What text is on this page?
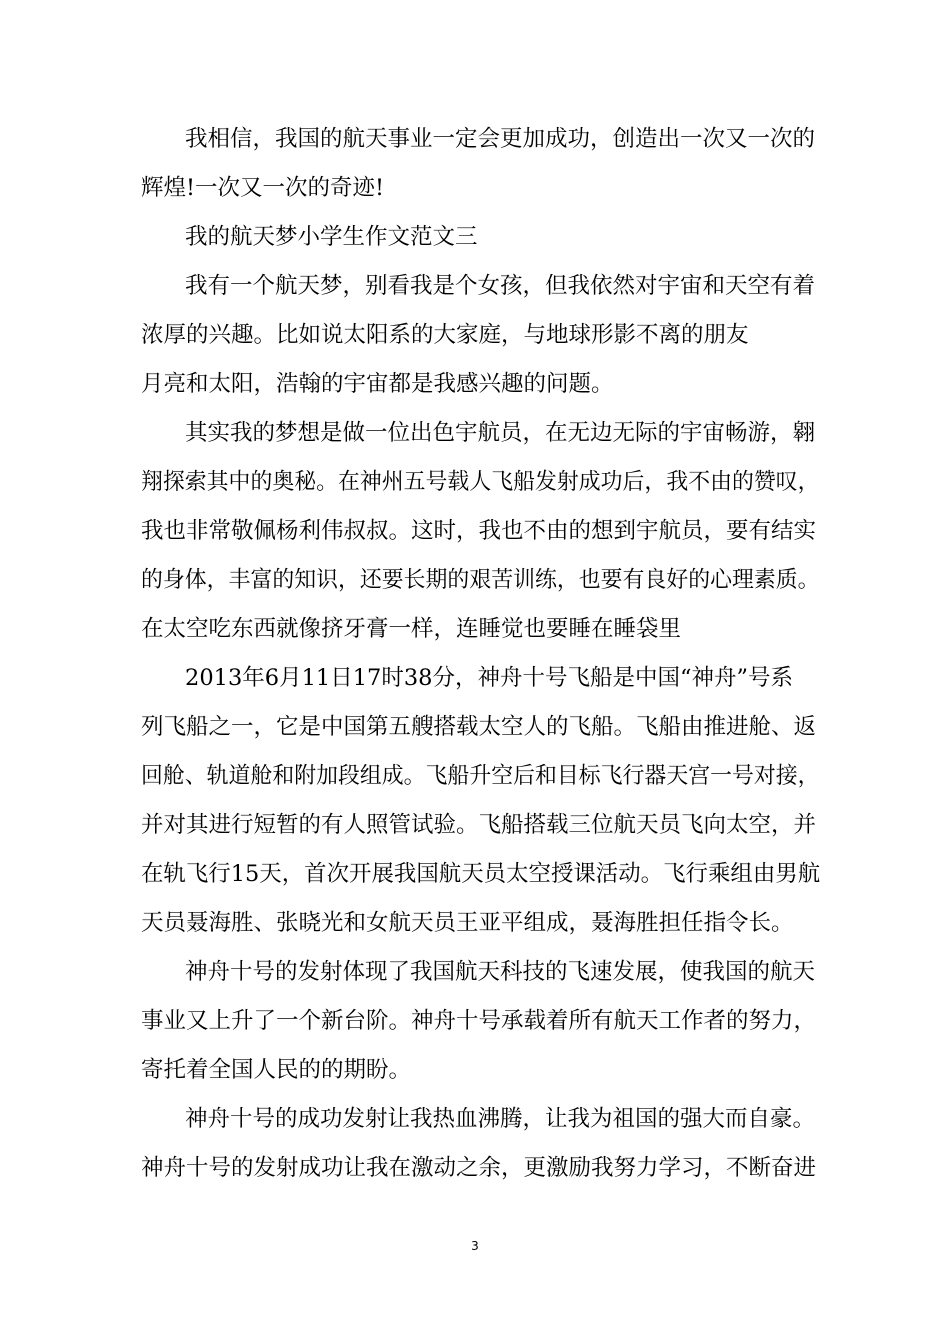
我相信，我国的航天事业一定会更加成功，创造出一次又一次的

辉煌!一次又一次的奇迹!

我的航天梦小学生作文范文三

我有一个航天梦，别看我是个女孩，但我依然对宇宙和天空有着

浓厚的兴趣。比如说太阳系的大家庭，与地球形影不离的朋友

月亮和太阳，浩翰的宇宙都是我感兴趣的问题。

其实我的梦想是做一位出色宇航员，在无边无际的宇宙畅游，翱

翔探索其中的奥秘。在神州五号载人飞船发射成功后，我不由的赞叹，

我也非常敬佩杨利伟叔叔。这时，我也不由的想到宇航员，要有结实

的身体，丰富的知识，还要长期的艰苦训练，也要有良好的心理素质。

在太空吃东西就像挤牙膏一样，连睡觉也要睡在睡袋里

2013年6月11日17时38分，神舟十号飞船是中国“神舟”号系

列飞船之一，它是中国第五艘搭载太空人的飞船。飞船由推进舱、返

回舱、轨道舱和附加段组成。飞船升空后和目标飞行器天宫一号对接，

并对其进行短暂的有人照管试验。飞船搭载三位航天员飞向太空，并

在轨飞行15天，首次开展我国航天员太空授课活动。飞行乘组由男航

天员聂海胜、张晓光和女航天员王亚平组成，聂海胜担任指令长。

神舟十号的发射体现了我国航天科技的飞速发展，使我国的航天

事业又上升了一个新台阶。神舟十号承载着所有航天工作者的努力，

寄托着全国人民的的期盼。

神舟十号的成功发射让我热血沸腾，让我为祖国的强大而自豪。

神舟十号的发射成功让我在激动之余，更激励我努力学习，不断奋进

3
